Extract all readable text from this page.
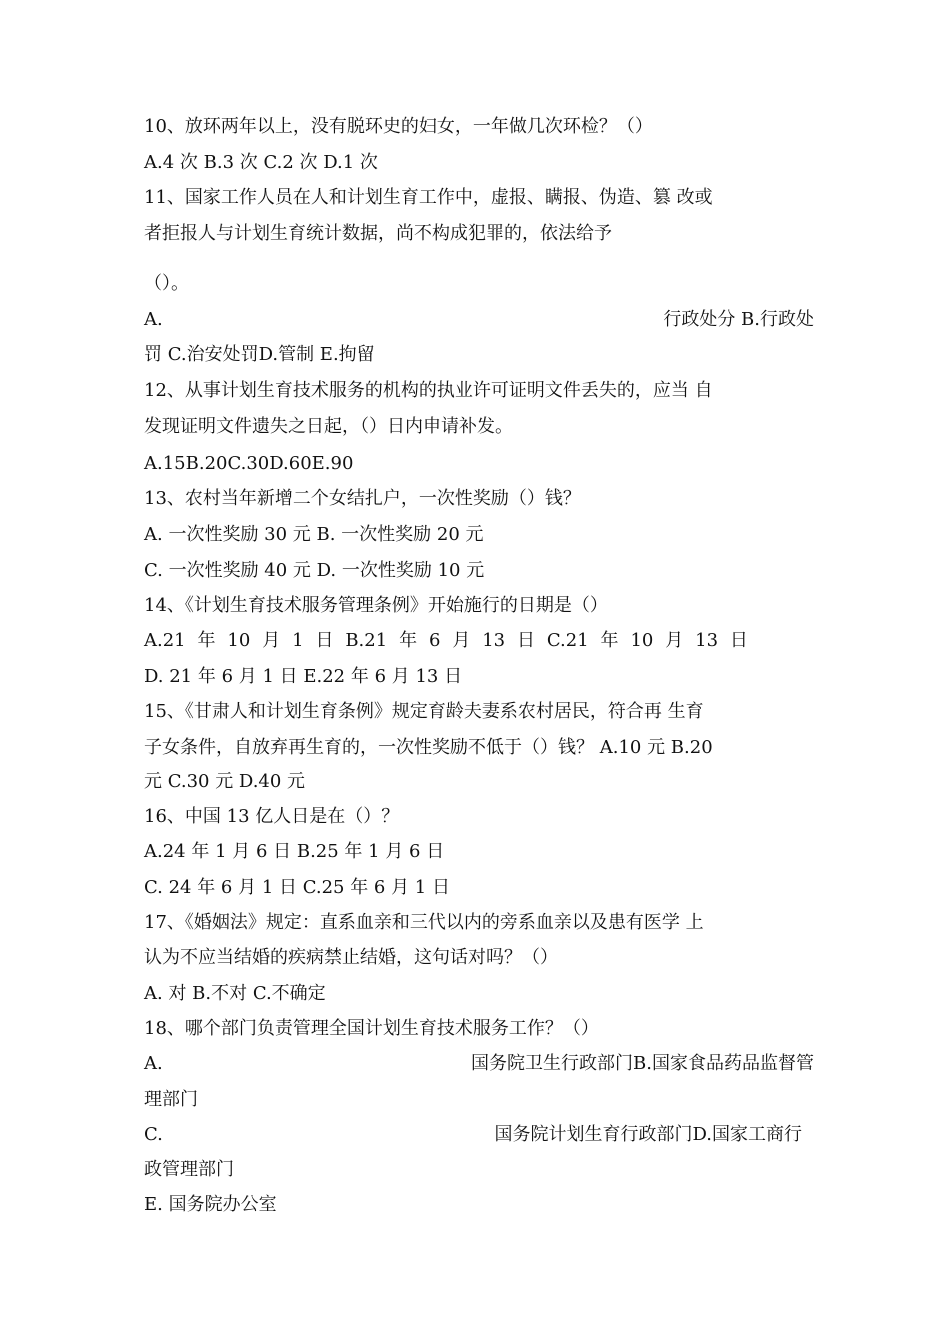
10、放环两年以上，没有脱环史的妇女，一年做几次环检？（）
A.4 次 B.3 次 C.2 次 D.1 次
11、国家工作人员在人和计划生育工作中，虚报、瞒报、伪造、篡 改或
者拒报人与计划生育统计数据，尚不构成犯罪的，依法给予
（）。
A.	行政处分 B.行政处
罚 C.治安处罚D.管制 E.拘留
12、从事计划生育技术服务的机构的执业许可证明文件丢失的，应当 自
发现证明文件遗失之日起，（）日内申请补发。
A.15B.20C.30D.60E.90
13、农村当年新增二个女结扎户，一次性奖励（）钱？
A. 一次性奖励 30 元 B. 一次性奖励 20 元
C. 一次性奖励 40 元 D. 一次性奖励 10 元
14、《计划生育技术服务管理条例》开始施行的日期是（）
A.21 年 10 月 1 日 B.21 年 6 月 13 日 C.21 年 10 月 13 日
D. 21 年 6 月 1 日 E.22 年 6 月 13 日
15、《甘肃人和计划生育条例》规定育龄夫妻系农村居民，符合再 生育
子女条件，自放弃再生育的，一次性奖励不低于（）钱？ A.10 元 B.20
元 C.30 元 D.40 元
16、中国 13 亿人日是在（）？
A.24 年 1 月 6 日 B.25 年 1 月 6 日
C. 24 年 6 月 1 日 C.25 年 6 月 1 日
17、《婚姻法》规定：直系血亲和三代以内的旁系血亲以及患有医学 上
认为不应当结婚的疾病禁止结婚，这句话对吗？（）
A. 对 B.不对 C.不确定
18、哪个部门负责管理全国计划生育技术服务工作？（）
A.	国务院卫生行政部门B.国家食品药品监督管
理部门
C.	国务院计划生育行政部门D.国家工商行
政管理部门
E. 国务院办公室
